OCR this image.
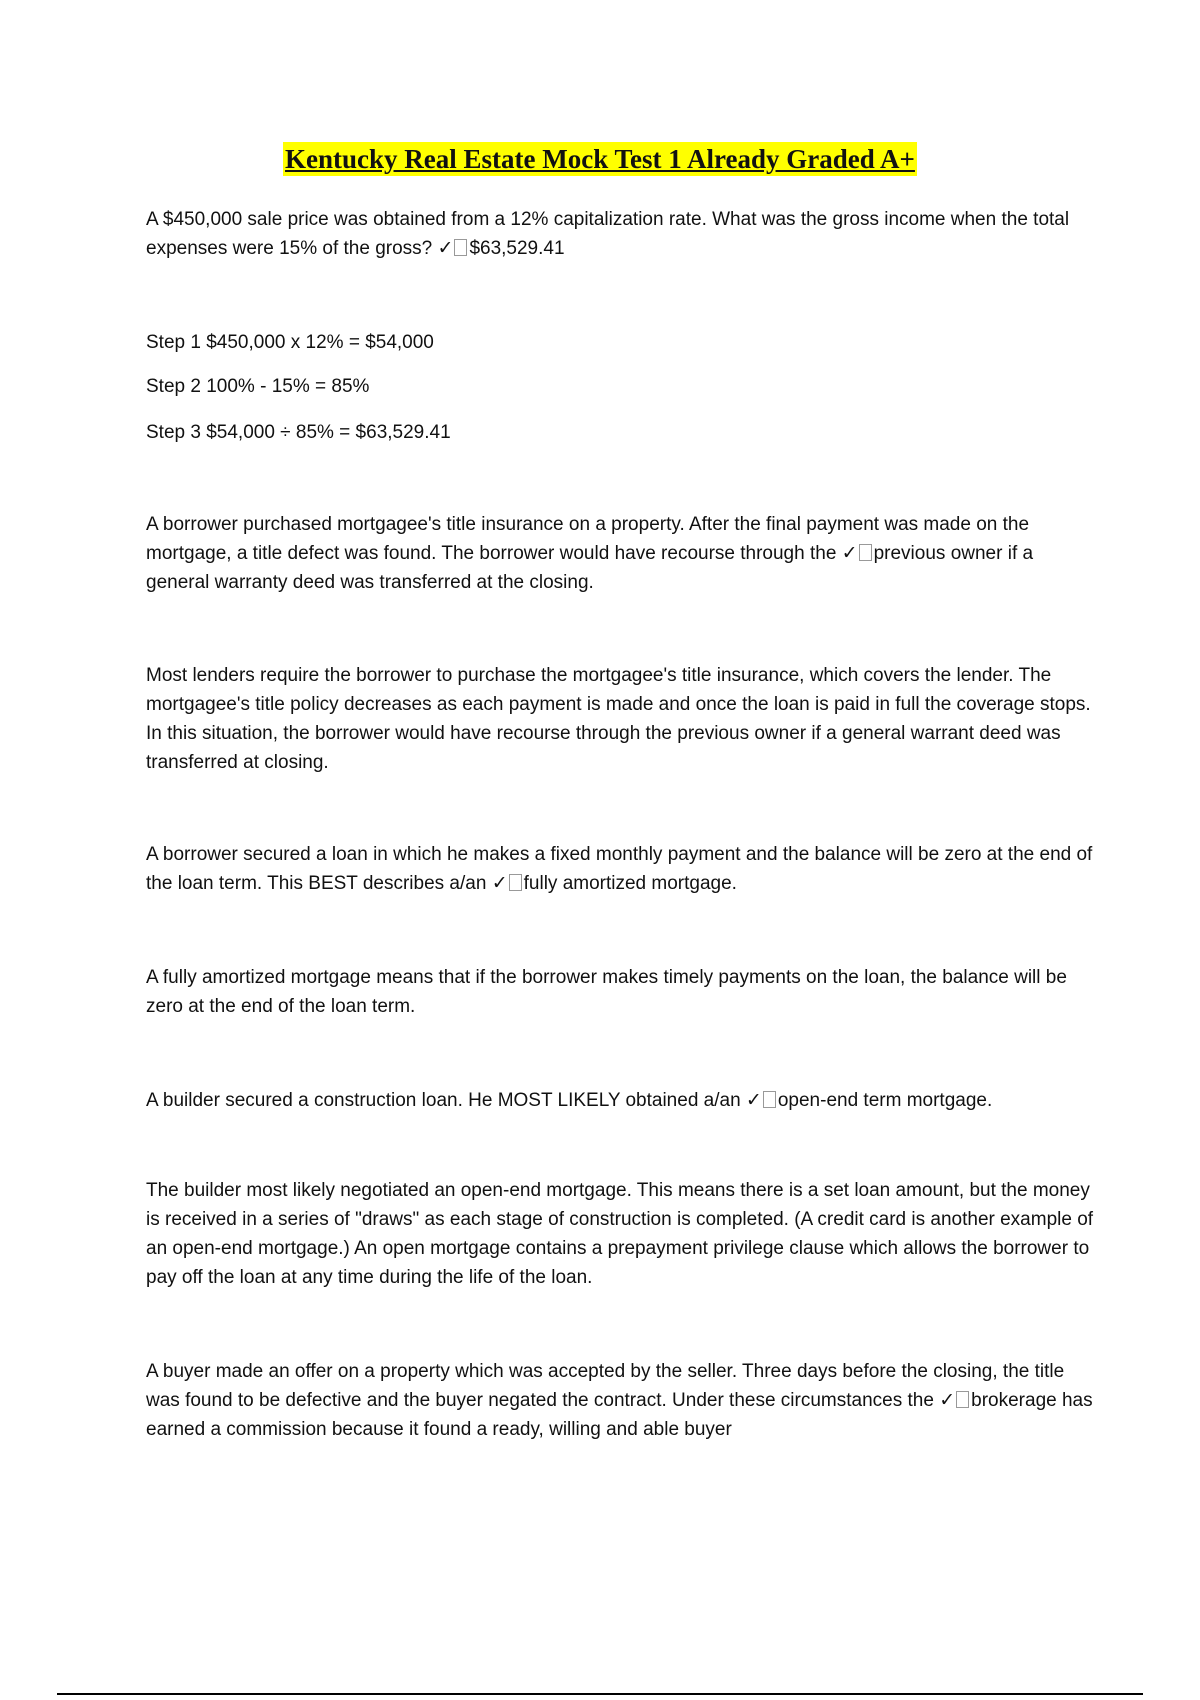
Kentucky Real Estate Mock Test 1 Already Graded A+

A $450,000 sale price was obtained from a 12% capitalization rate. What was the gross income when the total expenses were 15% of the gross? ✓ $63,529.41

Step 1 $450,000 x 12% = $54,000

Step 2 100% - 15% = 85%

Step 3 $54,000 ÷ 85% = $63,529.41

A borrower purchased mortgagee's title insurance on a property. After the final payment was made on the mortgage, a title defect was found. The borrower would have recourse through the ✓ previous owner if a general warranty deed was transferred at the closing.

Most lenders require the borrower to purchase the mortgagee's title insurance, which covers the lender. The mortgagee's title policy decreases as each payment is made and once the loan is paid in full the coverage stops. In this situation, the borrower would have recourse through the previous owner if a general warrant deed was transferred at closing.

A borrower secured a loan in which he makes a fixed monthly payment and the balance will be zero at the end of the loan term. This BEST describes a/an ✓ fully amortized mortgage.

A fully amortized mortgage means that if the borrower makes timely payments on the loan, the balance will be zero at the end of the loan term.

A builder secured a construction loan. He MOST LIKELY obtained a/an ✓ open-end term mortgage.

The builder most likely negotiated an open-end mortgage. This means there is a set loan amount, but the money is received in a series of "draws" as each stage of construction is completed. (A credit card is another example of an open-end mortgage.) An open mortgage contains a prepayment privilege clause which allows the borrower to pay off the loan at any time during the life of the loan.

A buyer made an offer on a property which was accepted by the seller. Three days before the closing, the title was found to be defective and the buyer negated the contract. Under these circumstances the ✓ brokerage has earned a commission because it found a ready, willing and able buyer
